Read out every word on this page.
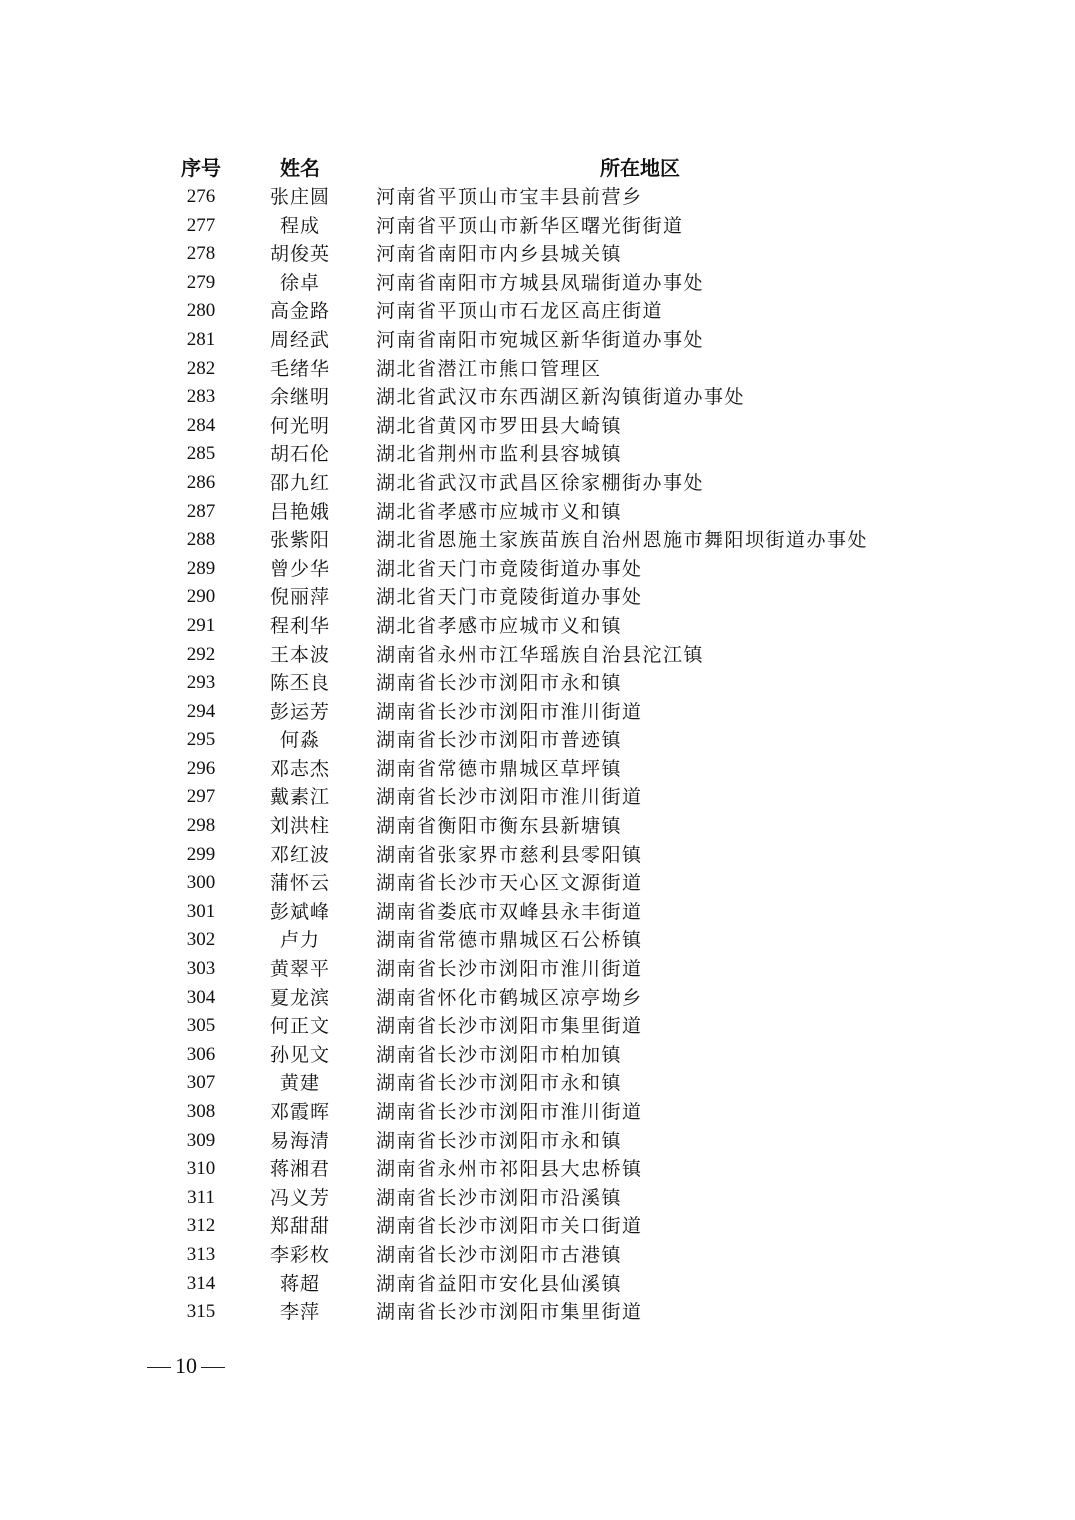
序号	姓名	所在地区
276	张庄圆	河南省平顶山市宝丰县前营乡
277	程成	河南省平顶山市新华区曙光街街道
278	胡俊英	河南省南阳市内乡县城关镇
279	徐卓	河南省南阳市方城县凤瑞街道办事处
280	高金路	河南省平顶山市石龙区高庄街道
281	周经武	河南省南阳市宛城区新华街道办事处
282	毛绪华	湖北省潜江市熊口管理区
283	余继明	湖北省武汉市东西湖区新沟镇街道办事处
284	何光明	湖北省黄冈市罗田县大崎镇
285	胡石伦	湖北省荆州市监利县容城镇
286	邵九红	湖北省武汉市武昌区徐家棚街办事处
287	吕艳娥	湖北省孝感市应城市义和镇
288	张紫阳	湖北省恩施土家族苗族自治州恩施市舞阳坝街道办事处
289	曾少华	湖北省天门市竟陵街道办事处
290	倪丽萍	湖北省天门市竟陵街道办事处
291	程利华	湖北省孝感市应城市义和镇
292	王本波	湖南省永州市江华瑶族自治县沱江镇
293	陈丕良	湖南省长沙市浏阳市永和镇
294	彭运芳	湖南省长沙市浏阳市淮川街道
295	何淼	湖南省长沙市浏阳市普迹镇
296	邓志杰	湖南省常德市鼎城区草坪镇
297	戴素江	湖南省长沙市浏阳市淮川街道
298	刘洪柱	湖南省衡阳市衡东县新塘镇
299	邓红波	湖南省张家界市慈利县零阳镇
300	蒲怀云	湖南省长沙市天心区文源街道
301	彭斌峰	湖南省娄底市双峰县永丰街道
302	卢力	湖南省常德市鼎城区石公桥镇
303	黄翠平	湖南省长沙市浏阳市淮川街道
304	夏龙滨	湖南省怀化市鹤城区凉亭坳乡
305	何正文	湖南省长沙市浏阳市集里街道
306	孙见文	湖南省长沙市浏阳市柏加镇
307	黄建	湖南省长沙市浏阳市永和镇
308	邓霞晖	湖南省长沙市浏阳市淮川街道
309	易海清	湖南省长沙市浏阳市永和镇
310	蒋湘君	湖南省永州市祁阳县大忠桥镇
311	冯义芳	湖南省长沙市浏阳市沿溪镇
312	郑甜甜	湖南省长沙市浏阳市关口街道
313	李彩枚	湖南省长沙市浏阳市古港镇
314	蒋超	湖南省益阳市安化县仙溪镇
315	李萍	湖南省长沙市浏阳市集里街道
10
